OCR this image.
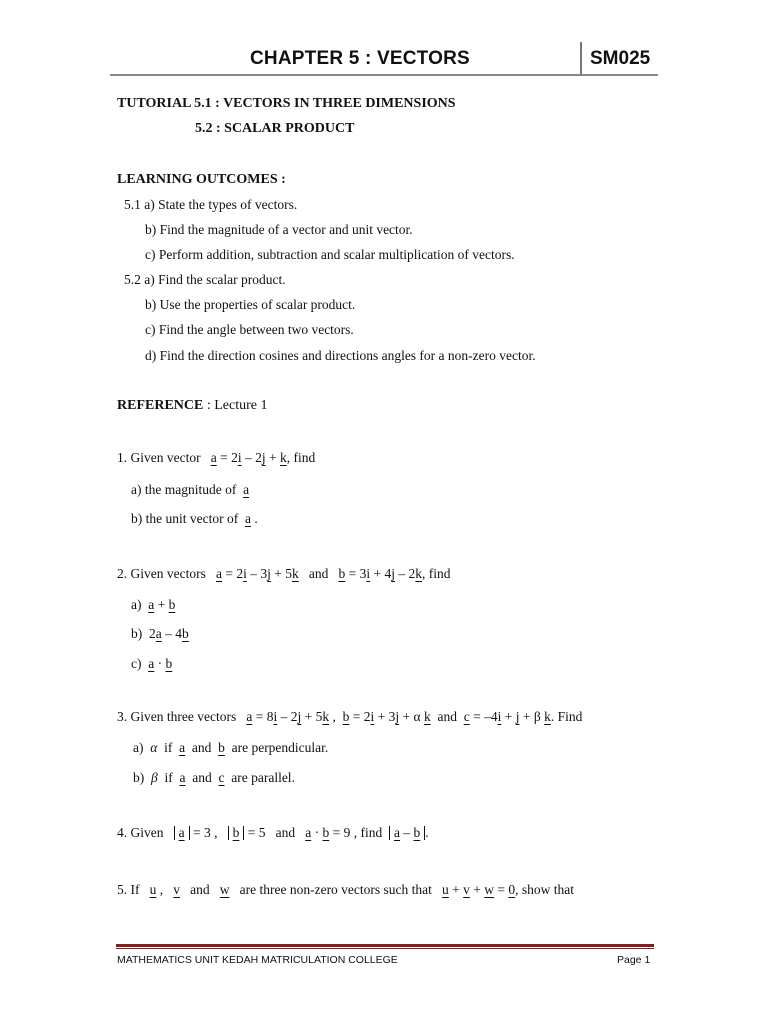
CHAPTER 5 : VECTORS	SM025
TUTORIAL 5.1 : VECTORS IN THREE DIMENSIONS
5.2 : SCALAR PRODUCT
LEARNING OUTCOMES :
5.1 a) State the types of vectors.
b) Find the magnitude of a vector and unit vector.
c) Perform addition, subtraction and scalar multiplication of vectors.
5.2 a) Find the scalar product.
b) Use the properties of scalar product.
c) Find the angle between two vectors.
d) Find the direction cosines and directions angles for a non-zero vector.
REFERENCE : Lecture 1
1. Given vector a = 2i – 2j + k, find
a) the magnitude of a
b) the unit vector of a .
2. Given vectors a = 2i – 3j + 5k and b = 3i + 4j – 2k, find
a) a + b
b) 2a – 4b
c) a · b
3. Given three vectors a = 8i – 2j + 5k , b = 2i + 3j + α k and c = –4i + j + β k. Find
a) α if a and b are perpendicular.
b) β if a and c are parallel.
4. Given a = 3 , b = 5 and a · b = 9 , find a – b .
5. If u , v and w are three non-zero vectors such that u + v + w = 0, show that
MATHEMATICS UNIT KEDAH MATRICULATION COLLEGE	Page 1
